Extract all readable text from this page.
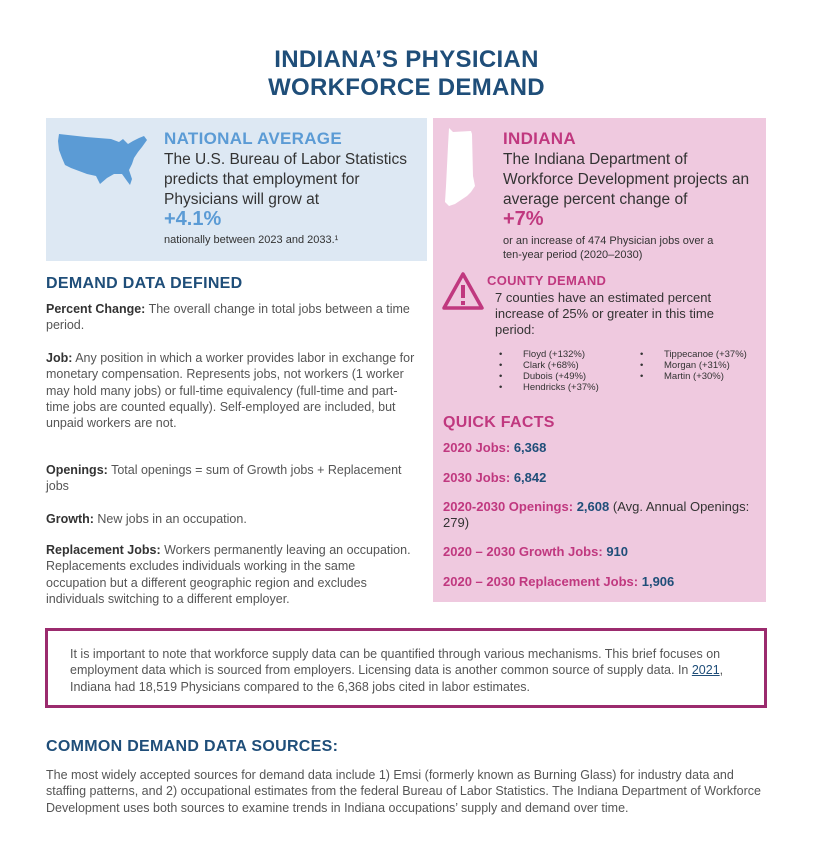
INDIANA’S PHYSICIAN
WORKFORCE DEMAND
NATIONAL AVERAGE
The U.S. Bureau of Labor Statistics predicts that employment for Physicians will grow at
+4.1%
nationally between 2023 and 2033.¹
INDIANA
The Indiana Department of Workforce Development projects an average percent change of
+7%
or an increase of 474 Physician jobs over a ten-year period (2020–2030)
COUNTY DEMAND
7 counties have an estimated percent increase of 25% or greater in this time period:
• Floyd (+132%)
• Clark (+68%)
• Dubois (+49%)
• Hendricks (+37%)
• Tippecanoe (+37%)
• Morgan (+31%)
• Martin (+30%)
QUICK FACTS
2020 Jobs: 6,368
2030 Jobs: 6,842
2020-2030 Openings: 2,608 (Avg. Annual Openings: 279)
2020 – 2030 Growth Jobs: 910
2020 – 2030 Replacement Jobs: 1,906
DEMAND DATA DEFINED
Percent Change: The overall change in total jobs between a time period.
Job: Any position in which a worker provides labor in exchange for monetary compensation. Represents jobs, not workers (1 worker may hold many jobs) or full-time equivalency (full-time and part-time jobs are counted equally). Self-employed are included, but unpaid workers are not.
Openings: Total openings = sum of Growth jobs + Replacement jobs
Growth: New jobs in an occupation.
Replacement Jobs: Workers permanently leaving an occupation. Replacements excludes individuals working in the same occupation but a different geographic region and excludes individuals switching to a different employer.
It is important to note that workforce supply data can be quantified through various mechanisms. This brief focuses on employment data which is sourced from employers. Licensing data is another common source of supply data. In 2021, Indiana had 18,519 Physicians compared to the 6,368 jobs cited in labor estimates.
COMMON DEMAND DATA SOURCES:
The most widely accepted sources for demand data include 1) Emsi (formerly known as Burning Glass) for industry data and staffing patterns, and 2) occupational estimates from the federal Bureau of Labor Statistics. The Indiana Department of Workforce Development uses both sources to examine trends in Indiana occupations’ supply and demand over time.
